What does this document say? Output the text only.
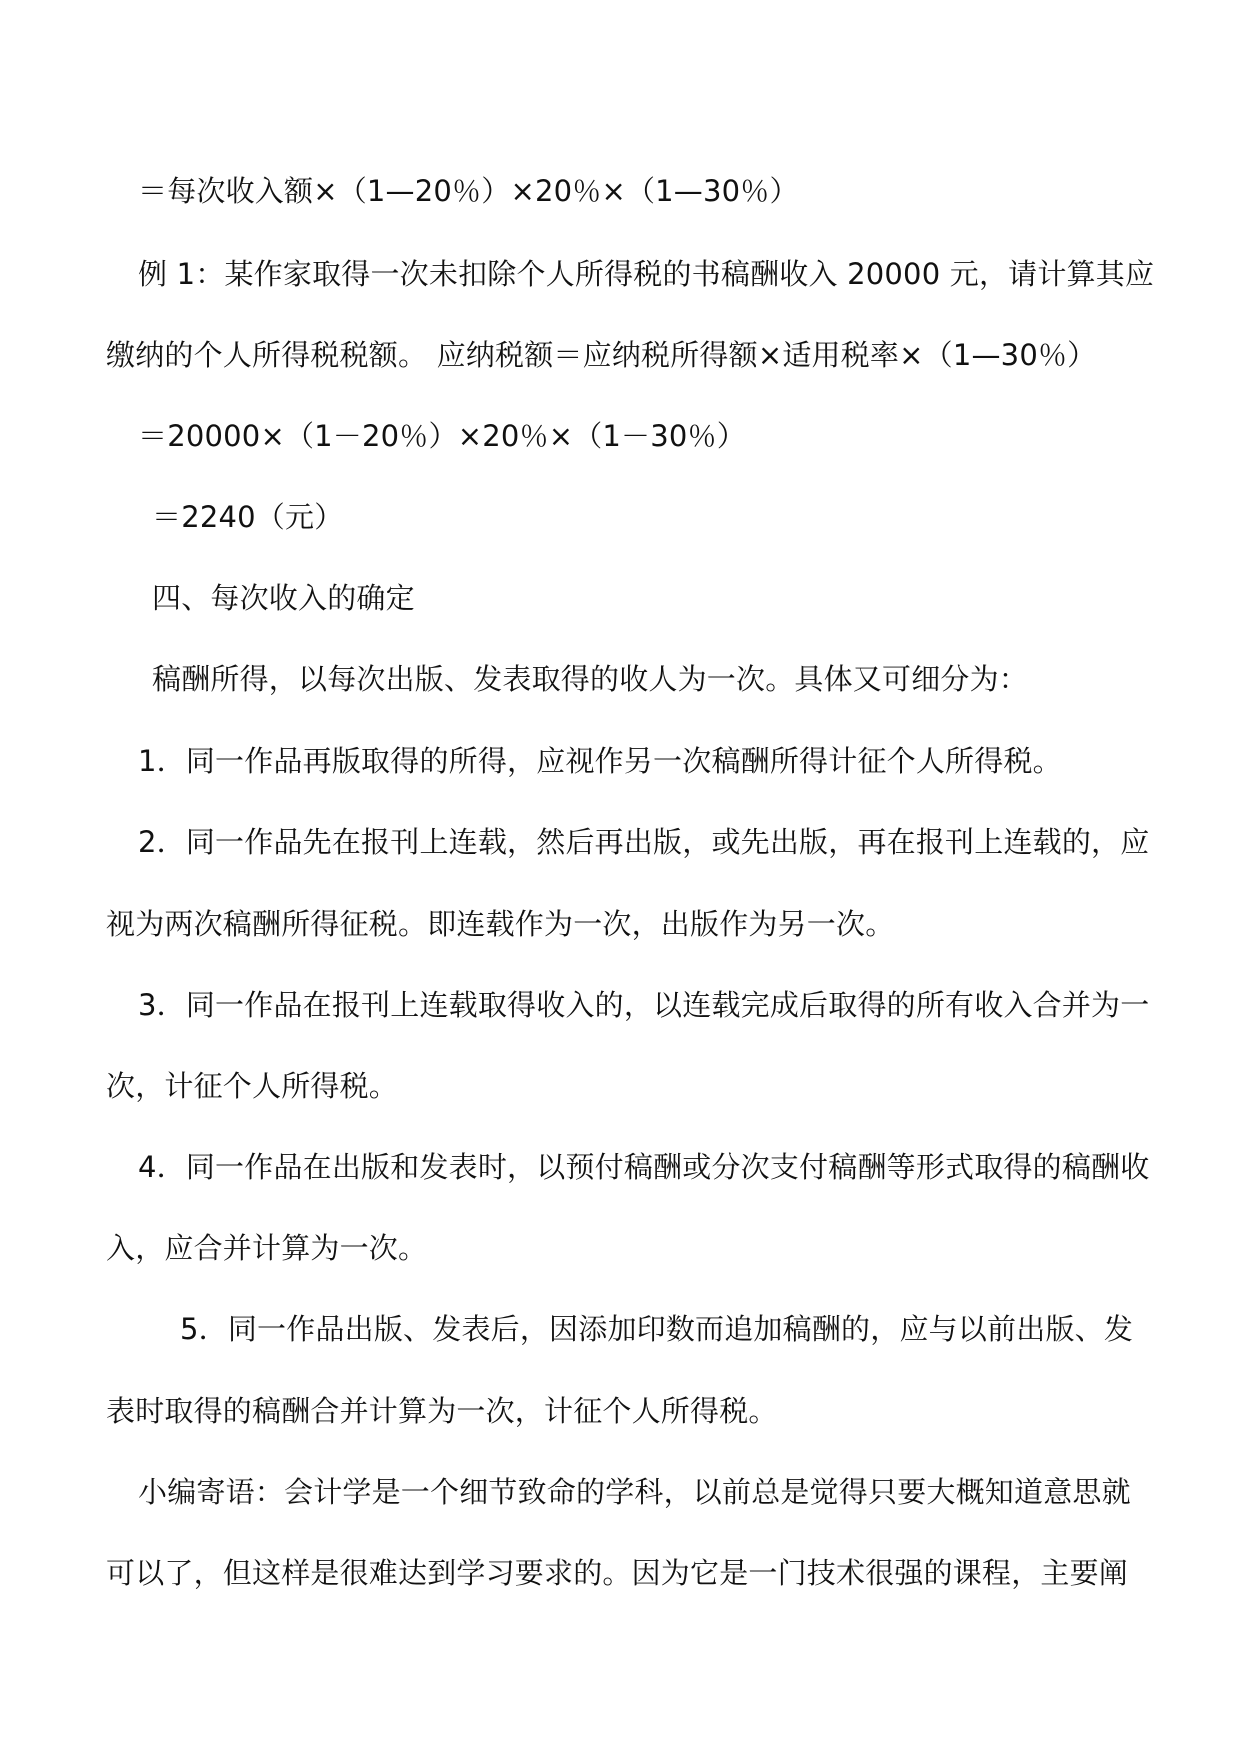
＝每次收入额×（1—20％）×20％×（1—30％）
例 1：某作家取得一次未扣除个人所得税的书稿酬收入 20000 元，请计算其应
缴纳的个人所得税税额。 应纳税额＝应纳税所得额×适用税率×（1—30％）
＝20000×（1－20％）×20％×（1－30％）
＝2240（元）
四、每次收入的确定
稿酬所得，以每次出版、发表取得的收人为一次。具体又可细分为：
1．同一作品再版取得的所得，应视作另一次稿酬所得计征个人所得税。
2．同一作品先在报刊上连载，然后再出版，或先出版，再在报刊上连载的，应
视为两次稿酬所得征税。即连载作为一次，出版作为另一次。
3．同一作品在报刊上连载取得收入的，以连载完成后取得的所有收入合并为一
次，计征个人所得税。
4．同一作品在出版和发表时，以预付稿酬或分次支付稿酬等形式取得的稿酬收
入，应合并计算为一次。
5．同一作品出版、发表后，因添加印数而追加稿酬的，应与以前出版、发
表时取得的稿酬合并计算为一次，计征个人所得税。
小编寄语：会计学是一个细节致命的学科，以前总是觉得只要大概知道意思就
可以了，但这样是很难达到学习要求的。因为它是一门技术很强的课程，主要阐
